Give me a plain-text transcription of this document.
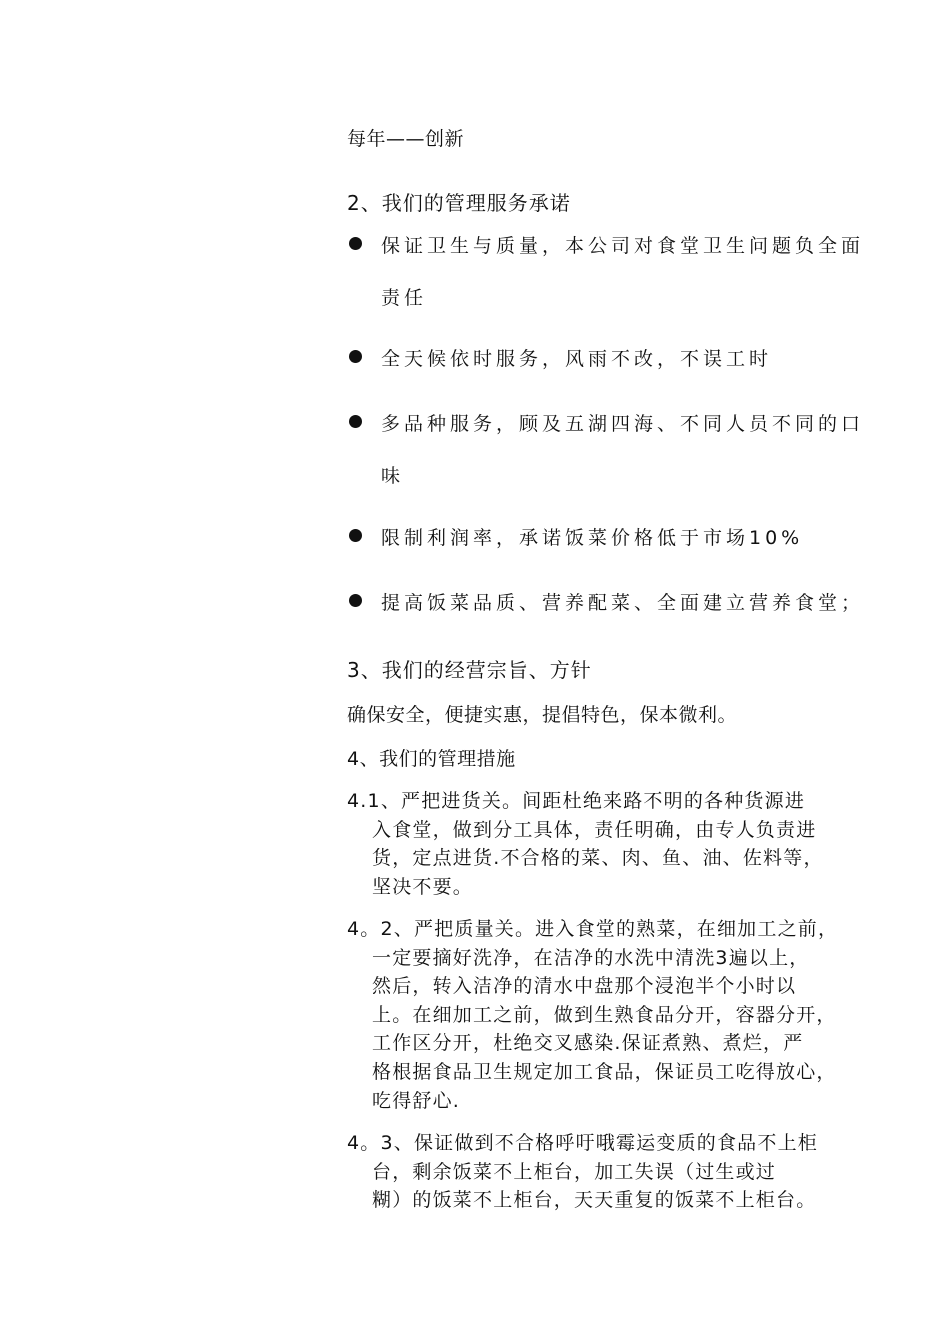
每年——创新
2、我们的管理服务承诺
保证卫生与质量，本公司对食堂卫生问题负全面
责任
全天候依时服务，风雨不改，不误工时
多品种服务，顾及五湖四海、不同人员不同的口
味
限制利润率，承诺饭菜价格低于市场10%
提高饭菜品质、营养配菜、全面建立营养食堂；
3、我们的经营宗旨、方针
确保安全，便捷实惠，提倡特色，保本微利。
4、我们的管理措施
4.1、严把进货关。间距杜绝来路不明的各种货源进
入食堂，做到分工具体，责任明确，由专人负责进
货，定点进货.不合格的菜、肉、鱼、油、佐料等，
坚决不要。
4。2、严把质量关。进入食堂的熟菜，在细加工之前，
一定要摘好洗净，在洁净的水洗中清洗3遍以上，
然后，转入洁净的清水中盘那个浸泡半个小时以
上。在细加工之前，做到生熟食品分开，容器分开，
工作区分开，杜绝交叉感染.保证煮熟、煮烂，严
格根据食品卫生规定加工食品，保证员工吃得放心，
吃得舒心.
4。3、保证做到不合格呼吁哦霉运变质的食品不上柜
台，剩余饭菜不上柜台，加工失误（过生或过
糊）的饭菜不上柜台，天天重复的饭菜不上柜台。
